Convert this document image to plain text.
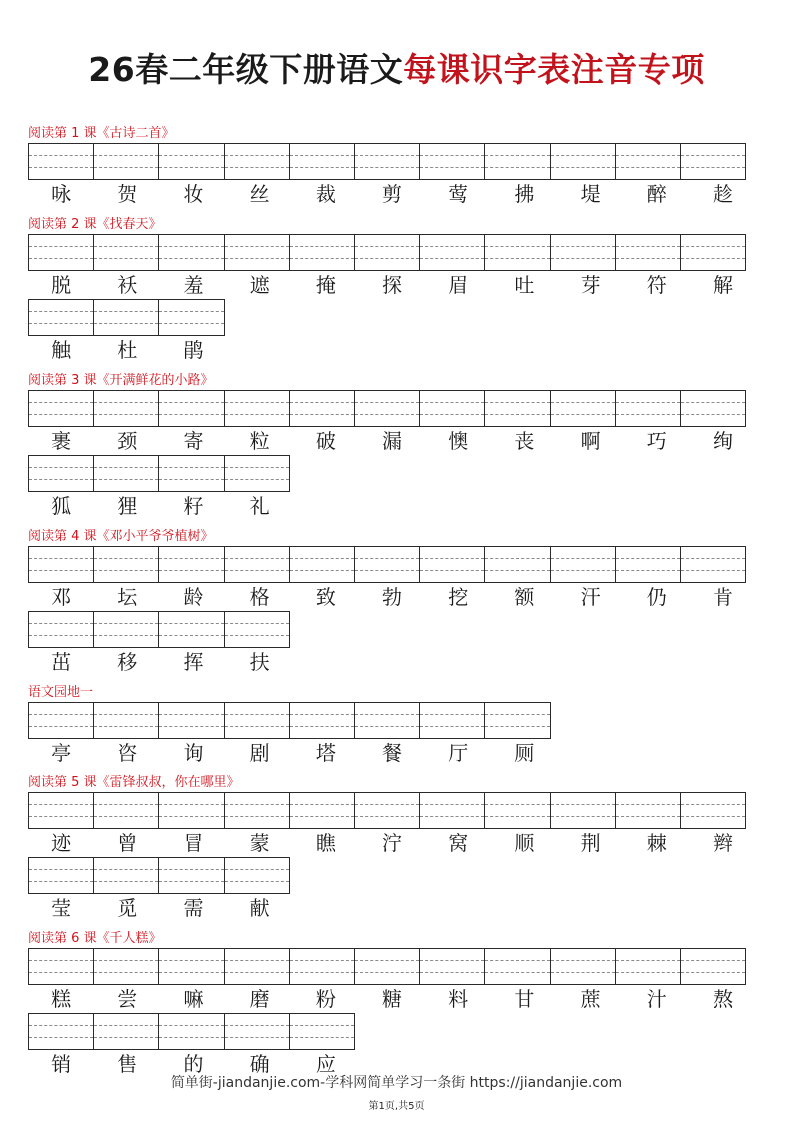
26春二年级下册语文每课识字表注音专项
阅读第 1 课《古诗二首》
咏	贺	妆	丝	裁	剪	莺	拂	堤	醉	趁
阅读第 2 课《找春天》
脱	袄	羞	遮	掩	探	眉	吐	芽	符	解
触	杜	鹃
阅读第 3 课《开满鲜花的小路》
裹	颈	寄	粒	破	漏	懊	丧	啊	巧	绚
狐	狸	籽	礼
阅读第 4 课《邓小平爷爷植树》
邓	坛	龄	格	致	勃	挖	额	汗	仍	肯
茁	移	挥	扶
语文园地一
亭	咨	询	剧	塔	餐	厅	厕
阅读第 5 课《雷锋叔叔，你在哪里》
迹	曾	冒	蒙	瞧	泞	窝	顺	荆	棘	辫
莹	觅	需	献
阅读第 6 课《千人糕》
糕	尝	嘛	磨	粉	糖	料	甘	蔗	汁	熬
销	售	的	确	应
简单街-jiandanjie.com-学科网简单学习一条街 https://jiandanjie.com
第1页,共5页
